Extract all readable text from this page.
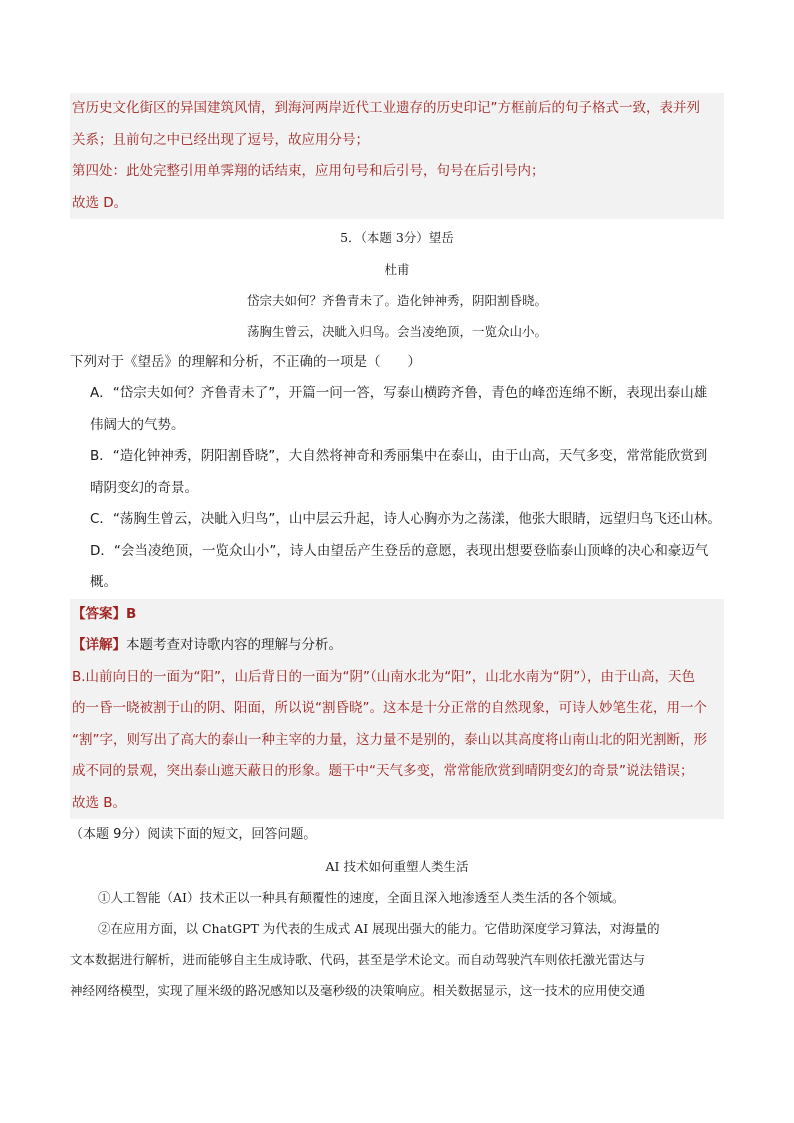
宫历史文化街区的异国建筑风情，到海河两岸近代工业遗存的历史印记”方框前后的句子格式一致，表并列
关系；且前句之中已经出现了逗号，故应用分号；
第四处：此处完整引用单霁翔的话结束，应用句号和后引号，句号在后引号内；
故选 D。
5．（本题 3分）望岳
杜甫
岱宗夫如何？齐鲁青未了。造化钟神秀，阴阳割昏晓。
荡胸生曾云，决眦入归鸟。会当凌绝顶，一览众山小。
下列对于《望岳》的理解和分析，不正确的一项是（　　）
A．“岱宗夫如何？齐鲁青未了”，开篇一问一答，写泰山横跨齐鲁，青色的峰峦连绵不断，表现出泰山雄
伟阔大的气势。
B．“造化钟神秀，阴阳割昏晓”，大自然将神奇和秀丽集中在泰山，由于山高，天气多变，常常能欣赏到
晴阴变幻的奇景。
C．“荡胸生曾云，决眦入归鸟”，山中层云升起，诗人心胸亦为之荡漾，他张大眼睛，远望归鸟飞还山林。
D．“会当凌绝顶，一览众山小”，诗人由望岳产生登岳的意愿，表现出想要登临泰山顶峰的决心和豪迈气
概。
【答案】B
【详解】本题考查对诗歌内容的理解与分析。
B.山前向日的一面为“阳”，山后背日的一面为“阴”（山南水北为“阳”，山北水南为“阴”），由于山高，天色
的一昏一晓被割于山的阴、阳面，所以说“割昏晓”。这本是十分正常的自然现象，可诗人妙笔生花，用一个
“割”字，则写出了高大的泰山一种主宰的力量，这力量不是别的，泰山以其高度将山南山北的阳光割断，形
成不同的景观，突出泰山遮天蔽日的形象。题干中“天气多变，常常能欣赏到晴阴变幻的奇景”说法错误；
故选 B。
（本题 9分）阅读下面的短文，回答问题。
AI 技术如何重塑人类生活
①人工智能（AI）技术正以一种具有颠覆性的速度，全面且深入地渗透至人类生活的各个领域。
②在应用方面，以 ChatGPT 为代表的生成式 AI 展现出强大的能力。它借助深度学习算法，对海量的
文本数据进行解析，进而能够自主生成诗歌、代码，甚至是学术论文。而自动驾驶汽车则依托激光雷达与
神经网络模型，实现了厘米级的路况感知以及毫秒级的决策响应。相关数据显示，这一技术的应用使交通
